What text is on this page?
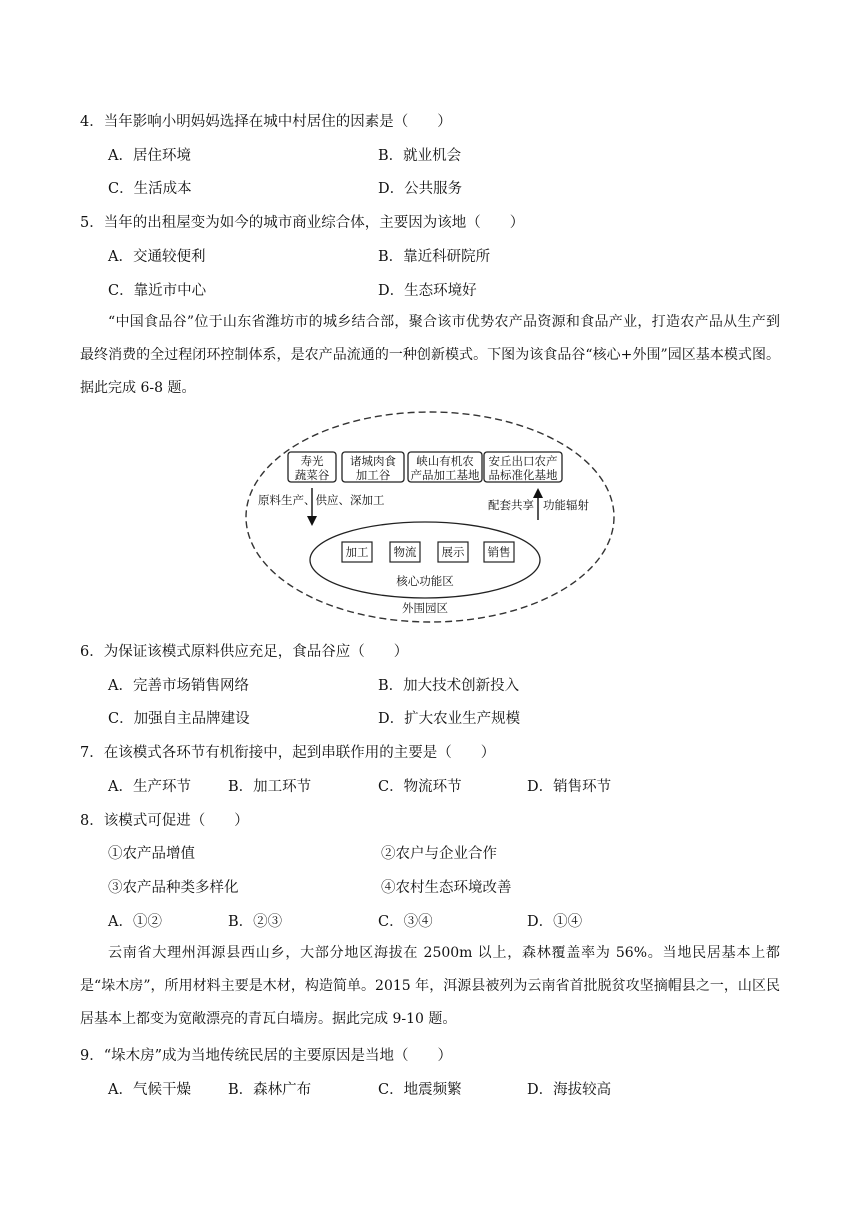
4．当年影响小明妈妈选择在城中村居住的因素是（　　）
A．居住环境	B．就业机会
C．生活成本	D．公共服务
5．当年的出租屋变为如今的城市商业综合体，主要因为该地（　　）
A．交通较便利	B．靠近科研院所
C．靠近市中心	D．生态环境好
“中国食品谷”位于山东省潍坊市的城乡结合部，聚合该市优势农产品资源和食品产业，打造农产品从生产到最终消费的全过程闭环控制体系，是农产品流通的一种创新模式。下图为该食品谷“核心+外围”园区基本模式图。据此完成 6-8 题。
寿光
蔬菜谷
诸城肉食
加工谷
峡山有机农
产品加工基地
安丘出口农产
品标准化基地
原料生产、供应、深加工	配套共享 功能辐射
加工 物流 展示 销售
核心功能区
外围园区
6．为保证该模式原料供应充足，食品谷应（　　）
A．完善市场销售网络	B．加大技术创新投入
C．加强自主品牌建设	D．扩大农业生产规模
7．在该模式各环节有机衔接中，起到串联作用的主要是（　　）
A．生产环节	B．加工环节	C．物流环节	D．销售环节
8．该模式可促进（　　）
①农产品增值	②农户与企业合作
③农产品种类多样化	④农村生态环境改善
A．①②	B．②③	C．③④	D．①④
云南省大理州洱源县西山乡，大部分地区海拔在 2500m 以上，森林覆盖率为 56%。当地民居基本上都是“垛木房”，所用材料主要是木材，构造简单。2015 年，洱源县被列为云南省首批脱贫攻坚摘帽县之一，山区民居基本上都变为宽敞漂亮的青瓦白墙房。据此完成 9-10 题。
9．“垛木房”成为当地传统民居的主要原因是当地（　　）
A．气候干燥	B．森林广布	C．地震频繁	D．海拔较高
